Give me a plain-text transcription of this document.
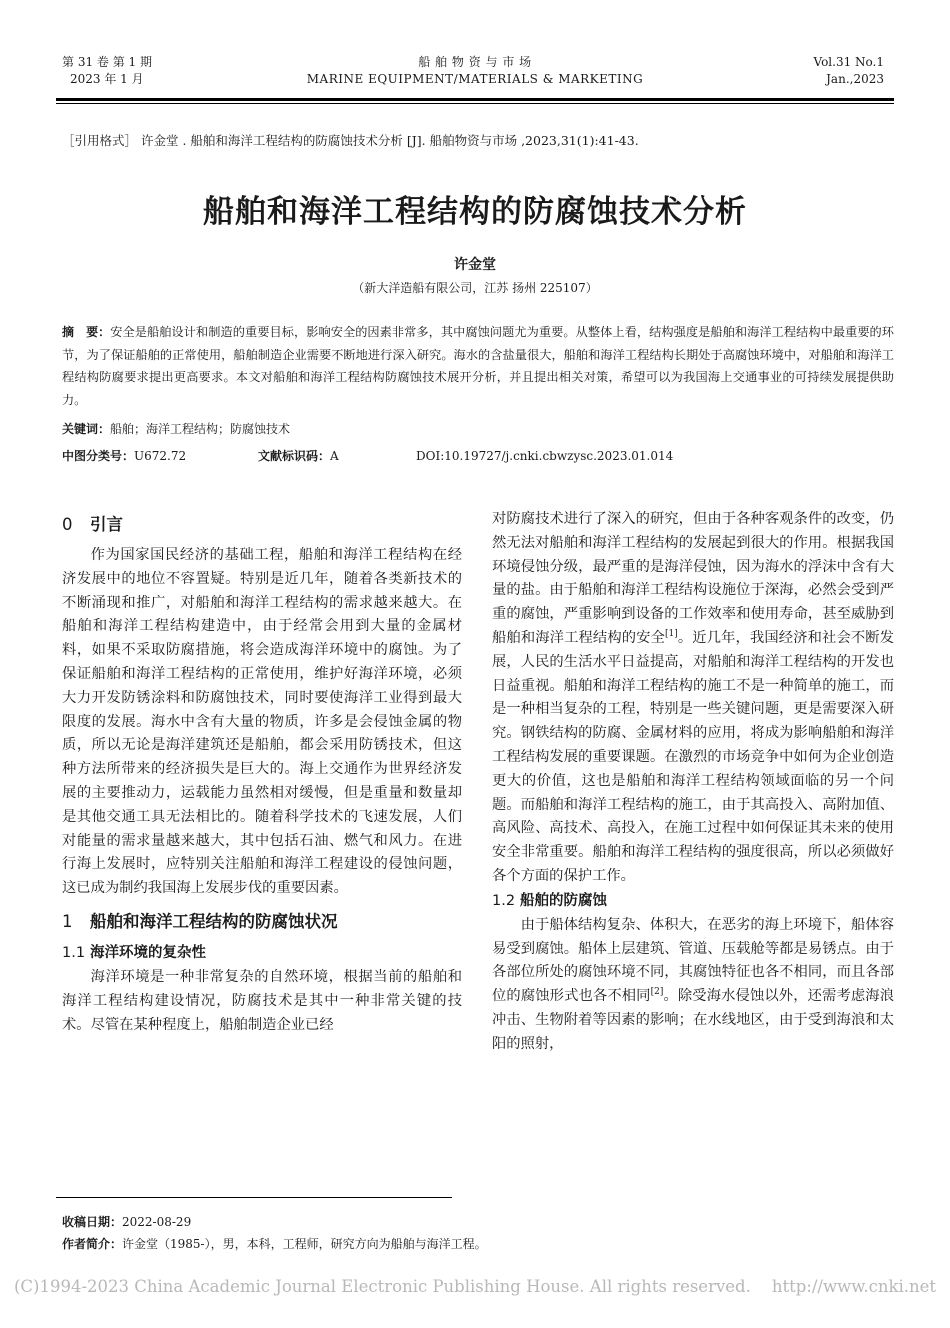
第 31 卷 第 1 期
2023 年 1 月
船 舶 物 资 与 市 场
MARINE EQUIPMENT/MATERIALS & MARKETING
Vol.31 No.1
Jan.,2023
［引用格式］ 许金堂 . 船舶和海洋工程结构的防腐蚀技术分析 [J]. 船舶物资与市场 ,2023,31(1):41-43.
船舶和海洋工程结构的防腐蚀技术分析
许金堂
（新大洋造船有限公司，江苏 扬州 225107）
摘　要：安全是船舶设计和制造的重要目标，影响安全的因素非常多，其中腐蚀问题尤为重要。从整体上看，结构强度是船舶和海洋工程结构中最重要的环节，为了保证船舶的正常使用，船舶制造企业需要不断地进行深入研究。海水的含盐量很大，船舶和海洋工程结构长期处于高腐蚀环境中，对船舶和海洋工程结构防腐要求提出更高要求。本文对船舶和海洋工程结构防腐蚀技术展开分析，并且提出相关对策，希望可以为我国海上交通事业的可持续发展提供助力。
关键词：船舶；海洋工程结构；防腐蚀技术
中图分类号：U672.72	文献标识码：A	DOI:10.19727/j.cnki.cbwzysc.2023.01.014
0 引言

作为国家国民经济的基础工程，船舶和海洋工程结构在经济发展中的地位不容置疑。特别是近几年，随着各类新技术的不断涌现和推广，对船舶和海洋工程结构的需求越来越大。在船舶和海洋工程结构建造中，由于经常会用到大量的金属材料，如果不采取防腐措施，将会造成海洋环境中的腐蚀。为了保证船舶和海洋工程结构的正常使用，维护好海洋环境，必须大力开发防锈涂料和防腐蚀技术，同时要使海洋工业得到最大限度的发展。海水中含有大量的物质，许多是会侵蚀金属的物质，所以无论是海洋建筑还是船舶，都会采用防锈技术，但这种方法所带来的经济损失是巨大的。海上交通作为世界经济发展的主要推动力，运载能力虽然相对缓慢，但是重量和数量却是其他交通工具无法相比的。随着科学技术的飞速发展，人们对能量的需求量越来越大，其中包括石油、燃气和风力。在进行海上发展时，应特别关注船舶和海洋工程建设的侵蚀问题，这已成为制约我国海上发展步伐的重要因素。

1 船舶和海洋工程结构的防腐蚀状况
1.1 海洋环境的复杂性

海洋环境是一种非常复杂的自然环境，根据当前的船舶和海洋工程结构建设情况，防腐技术是其中一种非常关键的技术。尽管在某种程度上，船舶制造企业已经

对防腐技术进行了深入的研究，但由于各种客观条件的改变，仍然无法对船舶和海洋工程结构的发展起到很大的作用。根据我国环境侵蚀分级，最严重的是海洋侵蚀，因为海水的浮沫中含有大量的盐。由于船舶和海洋工程结构设施位于深海，必然会受到严重的腐蚀，严重影响到设备的工作效率和使用寿命，甚至威胁到船舶和海洋工程结构的安全[1]。近几年，我国经济和社会不断发展，人民的生活水平日益提高，对船舶和海洋工程结构的开发也日益重视。船舶和海洋工程结构的施工不是一种简单的施工，而是一种相当复杂的工程，特别是一些关键问题，更是需要深入研究。钢铁结构的防腐、金属材料的应用，将成为影响船舶和海洋工程结构发展的重要课题。在激烈的市场竞争中如何为企业创造更大的价值，这也是船舶和海洋工程结构领域面临的另一个问题。而船舶和海洋工程结构的施工，由于其高投入、高附加值、高风险、高技术、高投入，在施工过程中如何保证其未来的使用安全非常重要。船舶和海洋工程结构的强度很高，所以必须做好各个方面的保护工作。

1.2 船舶的防腐蚀

由于船体结构复杂、体积大，在恶劣的海上环境下，船体容易受到腐蚀。船体上层建筑、管道、压载舱等都是易锈点。由于各部位所处的腐蚀环境不同，其腐蚀特征也各不相同，而且各部位的腐蚀形式也各不相同[2]。除受海水侵蚀以外，还需考虑海浪冲击、生物附着等因素的影响；在水线地区，由于受到海浪和太阳的照射，

收稿日期：2022-08-29
作者简介：许金堂（1985-），男，本科，工程师，研究方向为船舶与海洋工程。
(C)1994-2023 China Academic Journal Electronic Publishing House. All rights reserved.    http://www.cnki.net
